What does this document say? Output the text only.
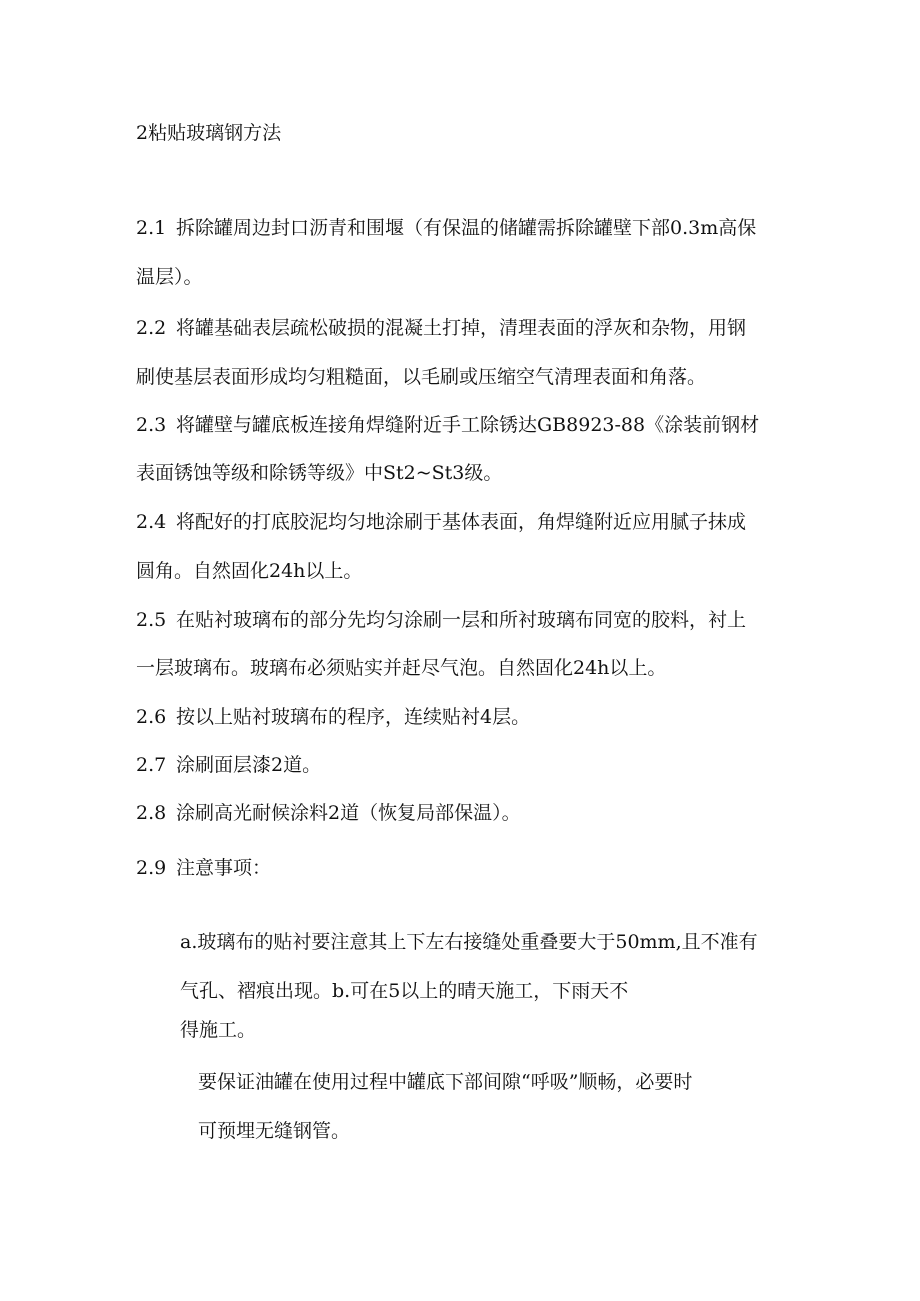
2粘贴玻璃钢方法

2.1 拆除罐周边封口沥青和围堰（有保温的储罐需拆除罐壁下部0.3m高保

温层）。

2.2 将罐基础表层疏松破损的混凝土打掉，清理表面的浮灰和杂物，用钢

刷使基层表面形成均匀粗糙面，以毛刷或压缩空气清理表面和角落。

2.3 将罐壁与罐底板连接角焊缝附近手工除锈达GB8923-88《涂装前钢材

表面锈蚀等级和除锈等级》中St2~St3级。

2.4 将配好的打底胶泥均匀地涂刷于基体表面，角焊缝附近应用腻子抹成

圆角。自然固化24h以上。

2.5 在贴衬玻璃布的部分先均匀涂刷一层和所衬玻璃布同宽的胶料，衬上

一层玻璃布。玻璃布必须贴实并赶尽气泡。自然固化24h以上。

2.6 按以上贴衬玻璃布的程序，连续贴衬4层。

2.7 涂刷面层漆2道。

2.8 涂刷高光耐候涂料2道（恢复局部保温）。

2.9 注意事项：

a.玻璃布的贴衬要注意其上下左右接缝处重叠要大于50mm,且不准有

气孔、褶痕出现。b.可在5以上的晴天施工，下雨天不

得施工。

要保证油罐在使用过程中罐底下部间隙“呼吸”顺畅，必要时

可预埋无缝钢管。
